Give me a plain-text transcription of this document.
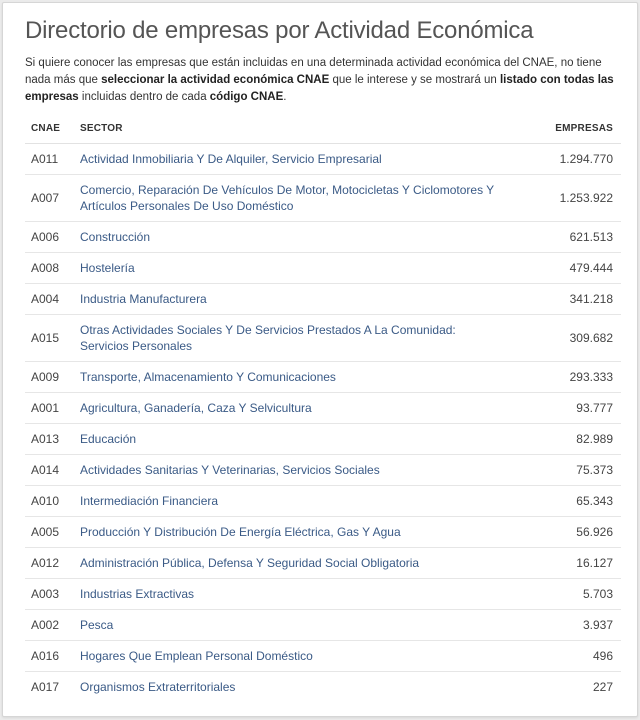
Directorio de empresas por Actividad Económica

Si quiere conocer las empresas que están incluidas en una determinada actividad económica del CNAE, no tiene nada más que seleccionar la actividad económica CNAE que le interese y se mostrará un listado con todas las empresas incluidas dentro de cada código CNAE.

CNAE	SECTOR	EMPRESAS
A011	Actividad Inmobiliaria Y De Alquiler, Servicio Empresarial	1.294.770
A007	Comercio, Reparación De Vehículos De Motor, Motocicletas Y Ciclomotores Y Artículos Personales De Uso Doméstico	1.253.922
A006	Construcción	621.513
A008	Hostelería	479.444
A004	Industria Manufacturera	341.218
A015	Otras Actividades Sociales Y De Servicios Prestados A La Comunidad: Servicios Personales	309.682
A009	Transporte, Almacenamiento Y Comunicaciones	293.333
A001	Agricultura, Ganadería, Caza Y Selvicultura	93.777
A013	Educación	82.989
A014	Actividades Sanitarias Y Veterinarias, Servicios Sociales	75.373
A010	Intermediación Financiera	65.343
A005	Producción Y Distribución De Energía Eléctrica, Gas Y Agua	56.926
A012	Administración Pública, Defensa Y Seguridad Social Obligatoria	16.127
A003	Industrias Extractivas	5.703
A002	Pesca	3.937
A016	Hogares Que Emplean Personal Doméstico	496
A017	Organismos Extraterritoriales	227
